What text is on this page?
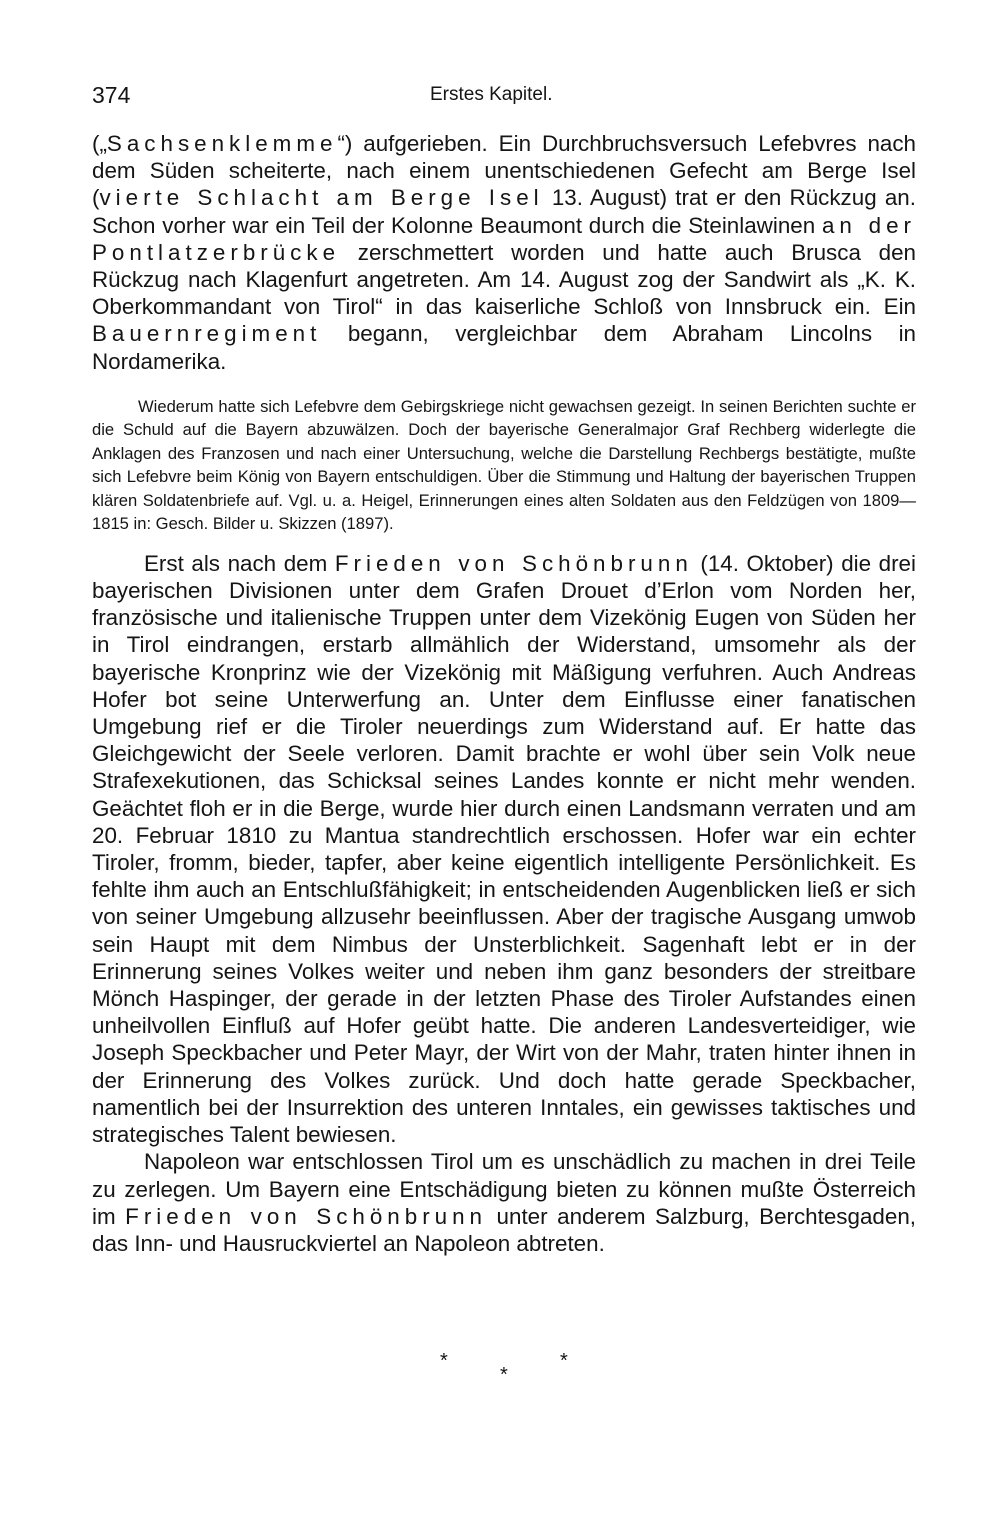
374	Erstes Kapitel.

(„Sachsenklemme“) aufgerieben. Ein Durchbruchsversuch Lefebvres nach dem Süden scheiterte, nach einem unentschiedenen Gefecht am Berge Isel (vierte Schlacht am Berge Isel 13. August) trat er den Rückzug an. Schon vorher war ein Teil der Kolonne Beaumont durch die Steinlawinen an der Pontlatzerbrücke zerschmettert worden und hatte auch Brusca den Rückzug nach Klagenfurt angetreten. Am 14. August zog der Sandwirt als „K. K. Oberkommandant von Tirol“ in das kaiserliche Schloß von Innsbruck ein. Ein Bauernregiment begann, vergleichbar dem Abraham Lincolns in Nordamerika.

Wiederum hatte sich Lefebvre dem Gebirgskriege nicht gewachsen gezeigt. In seinen Berichten suchte er die Schuld auf die Bayern abzuwälzen. Doch der bayerische Generalmajor Graf Rechberg widerlegte die Anklagen des Franzosen und nach einer Untersuchung, welche die Darstellung Rechbergs bestätigte, mußte sich Lefebvre beim König von Bayern entschuldigen. Über die Stimmung und Haltung der bayerischen Truppen klären Soldatenbriefe auf. Vgl. u. a. Heigel, Erinnerungen eines alten Soldaten aus den Feldzügen von 1809—1815 in: Gesch. Bilder u. Skizzen (1897).

Erst als nach dem Frieden von Schönbrunn (14. Oktober) die drei bayerischen Divisionen unter dem Grafen Drouet d’Erlon vom Norden her, französische und italienische Truppen unter dem Vizekönig Eugen von Süden her in Tirol eindrangen, erstarb allmählich der Widerstand, umsomehr als der bayerische Kronprinz wie der Vizekönig mit Mäßigung verfuhren. Auch Andreas Hofer bot seine Unterwerfung an. Unter dem Einflusse einer fanatischen Umgebung rief er die Tiroler neuerdings zum Widerstand auf. Er hatte das Gleichgewicht der Seele verloren. Damit brachte er wohl über sein Volk neue Strafexekutionen, das Schicksal seines Landes konnte er nicht mehr wenden. Geächtet floh er in die Berge, wurde hier durch einen Landsmann verraten und am 20. Februar 1810 zu Mantua standrechtlich erschossen. Hofer war ein echter Tiroler, fromm, bieder, tapfer, aber keine eigentlich intelligente Persönlichkeit. Es fehlte ihm auch an Entschlußfähigkeit; in entscheidenden Augenblicken ließ er sich von seiner Umgebung allzusehr beeinflussen. Aber der tragische Ausgang umwob sein Haupt mit dem Nimbus der Unsterblichkeit. Sagenhaft lebt er in der Erinnerung seines Volkes weiter und neben ihm ganz besonders der streitbare Mönch Haspinger, der gerade in der letzten Phase des Tiroler Aufstandes einen unheilvollen Einfluß auf Hofer geübt hatte. Die anderen Landesverteidiger, wie Joseph Speckbacher und Peter Mayr, der Wirt von der Mahr, traten hinter ihnen in der Erinnerung des Volkes zurück. Und doch hatte gerade Speckbacher, namentlich bei der Insurrektion des unteren Inntales, ein gewisses taktisches und strategisches Talent bewiesen.

Napoleon war entschlossen Tirol um es unschädlich zu machen in drei Teile zu zerlegen. Um Bayern eine Entschädigung bieten zu können mußte Österreich im Frieden von Schönbrunn unter anderem Salzburg, Berchtesgaden, das Inn- und Hausruckviertel an Napoleon abtreten.

*
*
*
